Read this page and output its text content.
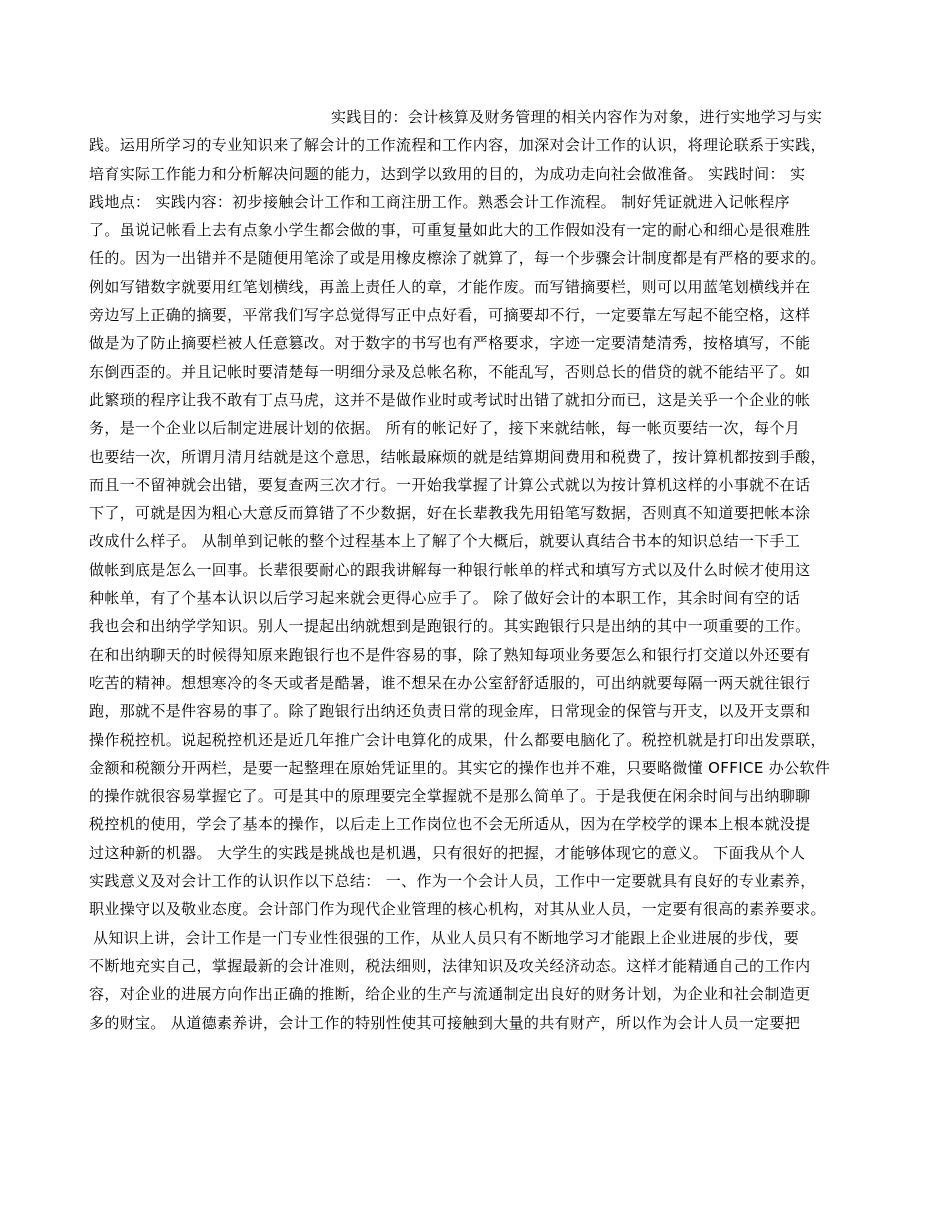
实践目的：会计核算及财务管理的相关内容作为对象，进行实地学习与实
践。运用所学习的专业知识来了解会计的工作流程和工作内容，加深对会计工作的认识，将理论联系于实践，
培育实际工作能力和分析解决问题的能力，达到学以致用的目的，为成功走向社会做准备。 实践时间： 实
践地点： 实践内容：初步接触会计工作和工商注册工作。熟悉会计工作流程。 制好凭证就进入记帐程序
了。虽说记帐看上去有点象小学生都会做的事，可重复量如此大的工作假如没有一定的耐心和细心是很难胜
任的。因为一出错并不是随便用笔涂了或是用橡皮檫涂了就算了，每一个步骤会计制度都是有严格的要求的。
例如写错数字就要用红笔划横线，再盖上责任人的章，才能作废。而写错摘要栏，则可以用蓝笔划横线并在
旁边写上正确的摘要，平常我们写字总觉得写正中点好看，可摘要却不行，一定要靠左写起不能空格，这样
做是为了防止摘要栏被人任意篡改。对于数字的书写也有严格要求，字迹一定要清楚清秀，按格填写，不能
东倒西歪的。并且记帐时要清楚每一明细分录及总帐名称，不能乱写，否则总长的借贷的就不能结平了。如
此繁琐的程序让我不敢有丁点马虎，这并不是做作业时或考试时出错了就扣分而已，这是关乎一个企业的帐
务，是一个企业以后制定进展计划的依据。 所有的帐记好了，接下来就结帐，每一帐页要结一次，每个月
也要结一次，所谓月清月结就是这个意思，结帐最麻烦的就是结算期间费用和税费了，按计算机都按到手酸，
而且一不留神就会出错，要复查两三次才行。一开始我掌握了计算公式就以为按计算机这样的小事就不在话
下了，可就是因为粗心大意反而算错了不少数据，好在长辈教我先用铅笔写数据，否则真不知道要把帐本涂
改成什么样子。 从制单到记帐的整个过程基本上了解了个大概后，就要认真结合书本的知识总结一下手工
做帐到底是怎么一回事。长辈很要耐心的跟我讲解每一种银行帐单的样式和填写方式以及什么时候才使用这
种帐单，有了个基本认识以后学习起来就会更得心应手了。 除了做好会计的本职工作，其余时间有空的话
我也会和出纳学学知识。别人一提起出纳就想到是跑银行的。其实跑银行只是出纳的其中一项重要的工作。
在和出纳聊天的时候得知原来跑银行也不是件容易的事，除了熟知每项业务要怎么和银行打交道以外还要有
吃苦的精神。想想寒冷的冬天或者是酷暑，谁不想呆在办公室舒舒适服的，可出纳就要每隔一两天就往银行
跑，那就不是件容易的事了。除了跑银行出纳还负责日常的现金库，日常现金的保管与开支，以及开支票和
操作税控机。说起税控机还是近几年推广会计电算化的成果，什么都要电脑化了。税控机就是打印出发票联，
金额和税额分开两栏，是要一起整理在原始凭证里的。其实它的操作也并不难，只要略微懂 OFFICE 办公软件
的操作就很容易掌握它了。可是其中的原理要完全掌握就不是那么简单了。于是我便在闲余时间与出纳聊聊
税控机的使用，学会了基本的操作，以后走上工作岗位也不会无所适从，因为在学校学的课本上根本就没提
过这种新的机器。 大学生的实践是挑战也是机遇，只有很好的把握，才能够体现它的意义。 下面我从个人
实践意义及对会计工作的认识作以下总结： 一、作为一个会计人员，工作中一定要就具有良好的专业素养，
职业操守以及敬业态度。会计部门作为现代企业管理的核心机构，对其从业人员，一定要有很高的素养要求。
从知识上讲，会计工作是一门专业性很强的工作，从业人员只有不断地学习才能跟上企业进展的步伐，要
不断地充实自己，掌握最新的会计准则，税法细则，法律知识及攻关经济动态。这样才能精通自己的工作内
容，对企业的进展方向作出正确的推断，给企业的生产与流通制定出良好的财务计划，为企业和社会制造更
多的财宝。 从道德素养讲，会计工作的特别性使其可接触到大量的共有财产，所以作为会计人员一定要把
